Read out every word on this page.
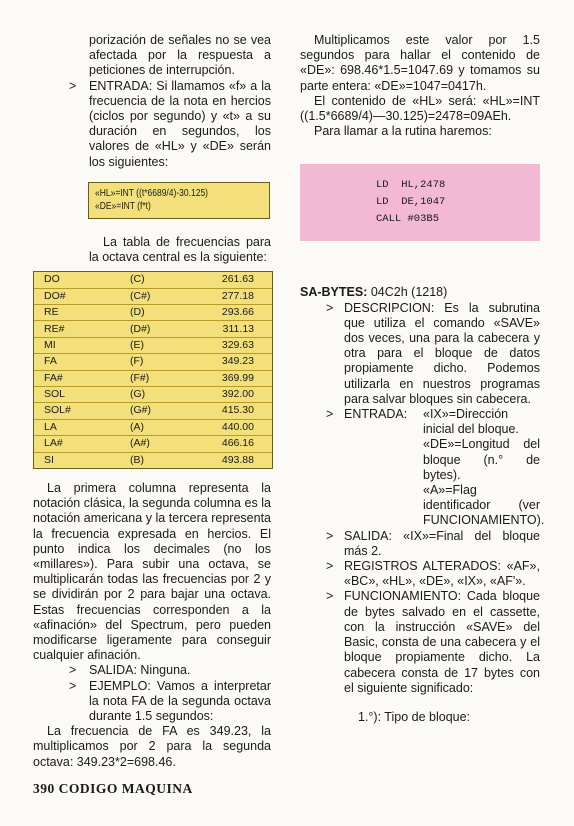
porización de señales no se vea afectada por la respuesta a peticiones de interrupción.

> ENTRADA: Si llamamos «f» a la frecuencia de la nota en hercios (ciclos por segundo) y «t» a su duración en segundos, los valores de «HL» y «DE» serán los siguientes:

«HL»=INT ((t*6689/4)-30.125)
«DE»=INT (f*t)

La tabla de frecuencias para la octava central es la siguiente:

DO	(C)	261.63
DO#	(C#)	277.18
RE	(D)	293.66
RE#	(D#)	311.13
MI	(E)	329.63
FA	(F)	349.23
FA#	(F#)	369.99
SOL	(G)	392.00
SOL#	(G#)	415.30
LA	(A)	440.00
LA#	(A#)	466.16
SI	(B)	493.88

La primera columna representa la notación clásica, la segunda columna es la notación americana y la tercera representa la frecuencia expresada en hercios. El punto indica los decimales (no los «millares»). Para subir una octava, se multiplicarán todas las frecuencias por 2 y se dividirán por 2 para bajar una octava. Estas frecuencias corresponden a la «afinación» del Spectrum, pero pueden modificarse ligeramente para conseguir cualquier afinación.

> SALIDA: Ninguna.

> EJEMPLO: Vamos a interpretar la nota FA de la segunda octava durante 1.5 segundos:

La frecuencia de FA es 349.23, la multiplicamos por 2 para la segunda octava: 349.23*2=698.46.

Multiplicamos este valor por 1.5 segundos para hallar el contenido de «DE»: 698.46*1.5=1047.69 y tomamos su parte entera: «DE»=1047=0417h.

El contenido de «HL» será: «HL»=INT ((1.5*6689/4)—30.125)=2478=09AEh.

Para llamar a la rutina haremos:

LD  HL,2478
LD  DE,1047
CALL #03B5

SA-BYTES: 04C2h (1218)

> DESCRIPCION: Es la subrutina que utiliza el comando «SAVE» dos veces, una para la cabecera y otra para el bloque de datos propiamente dicho. Podemos utilizarla en nuestros programas para salvar bloques sin cabecera.

> ENTRADA: «IX»=Dirección inicial del bloque.

«DE»=Longitud del bloque (n.° de bytes).

«A»=Flag identificador (ver FUNCIONAMIENTO).

> SALIDA: «IX»=Final del bloque más 2.

> REGISTROS ALTERADOS: «AF», «BC», «HL», «DE», «IX», «AF'».

> FUNCIONAMIENTO: Cada bloque de bytes salvado en el cassette, con la instrucción «SAVE» del Basic, consta de una cabecera y el bloque propiamente dicho. La cabecera consta de 17 bytes con el siguiente significado:

1.°): Tipo de bloque:

390 CODIGO MAQUINA
